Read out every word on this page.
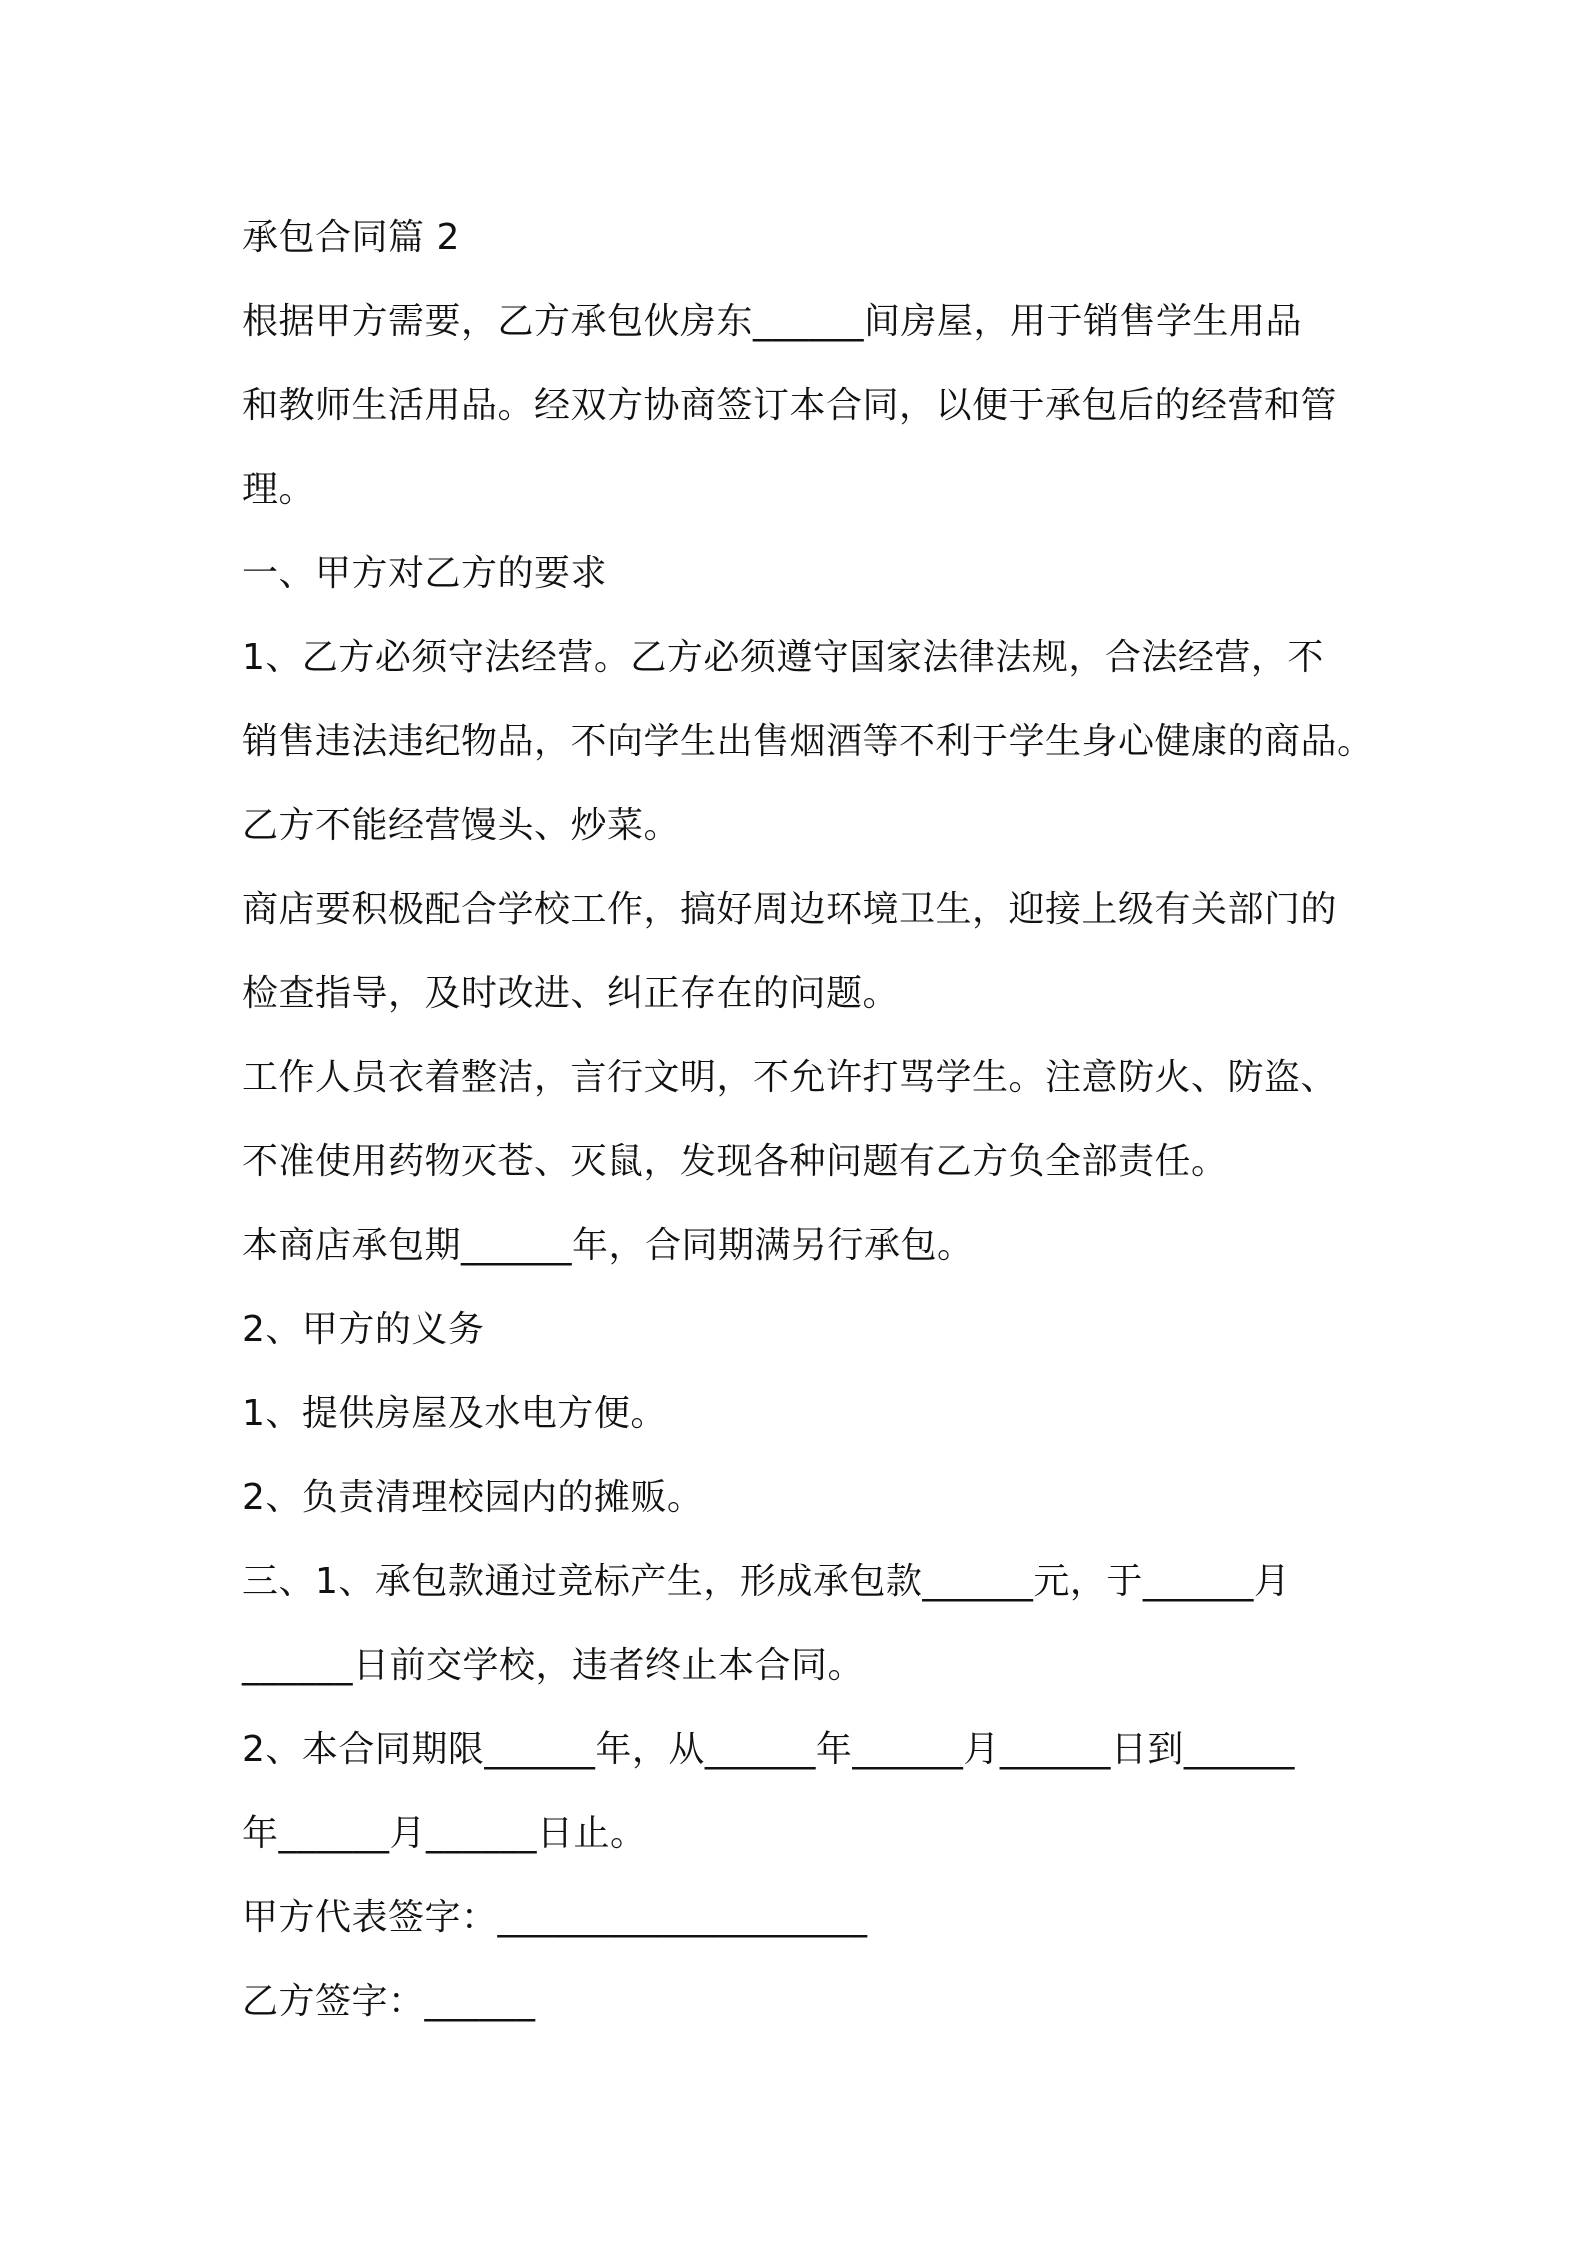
承包合同篇 2
根据甲方需要，乙方承包伙房东______间房屋，用于销售学生用品
和教师生活用品。经双方协商签订本合同，以便于承包后的经营和管
理。
一、甲方对乙方的要求
1、乙方必须守法经营。乙方必须遵守国家法律法规，合法经营，不
销售违法违纪物品，不向学生出售烟酒等不利于学生身心健康的商品。
乙方不能经营馒头、炒菜。
商店要积极配合学校工作，搞好周边环境卫生，迎接上级有关部门的
检查指导，及时改进、纠正存在的问题。
工作人员衣着整洁，言行文明，不允许打骂学生。注意防火、防盗、
不准使用药物灭苍、灭鼠，发现各种问题有乙方负全部责任。
本商店承包期______年，合同期满另行承包。
2、甲方的义务
1、提供房屋及水电方便。
2、负责清理校园内的摊贩。
三、1、承包款通过竞标产生，形成承包款______元，于______月
______日前交学校，违者终止本合同。
2、本合同期限______年，从______年______月______日到______
年______月______日止。
甲方代表签字：____________________
乙方签字：______
